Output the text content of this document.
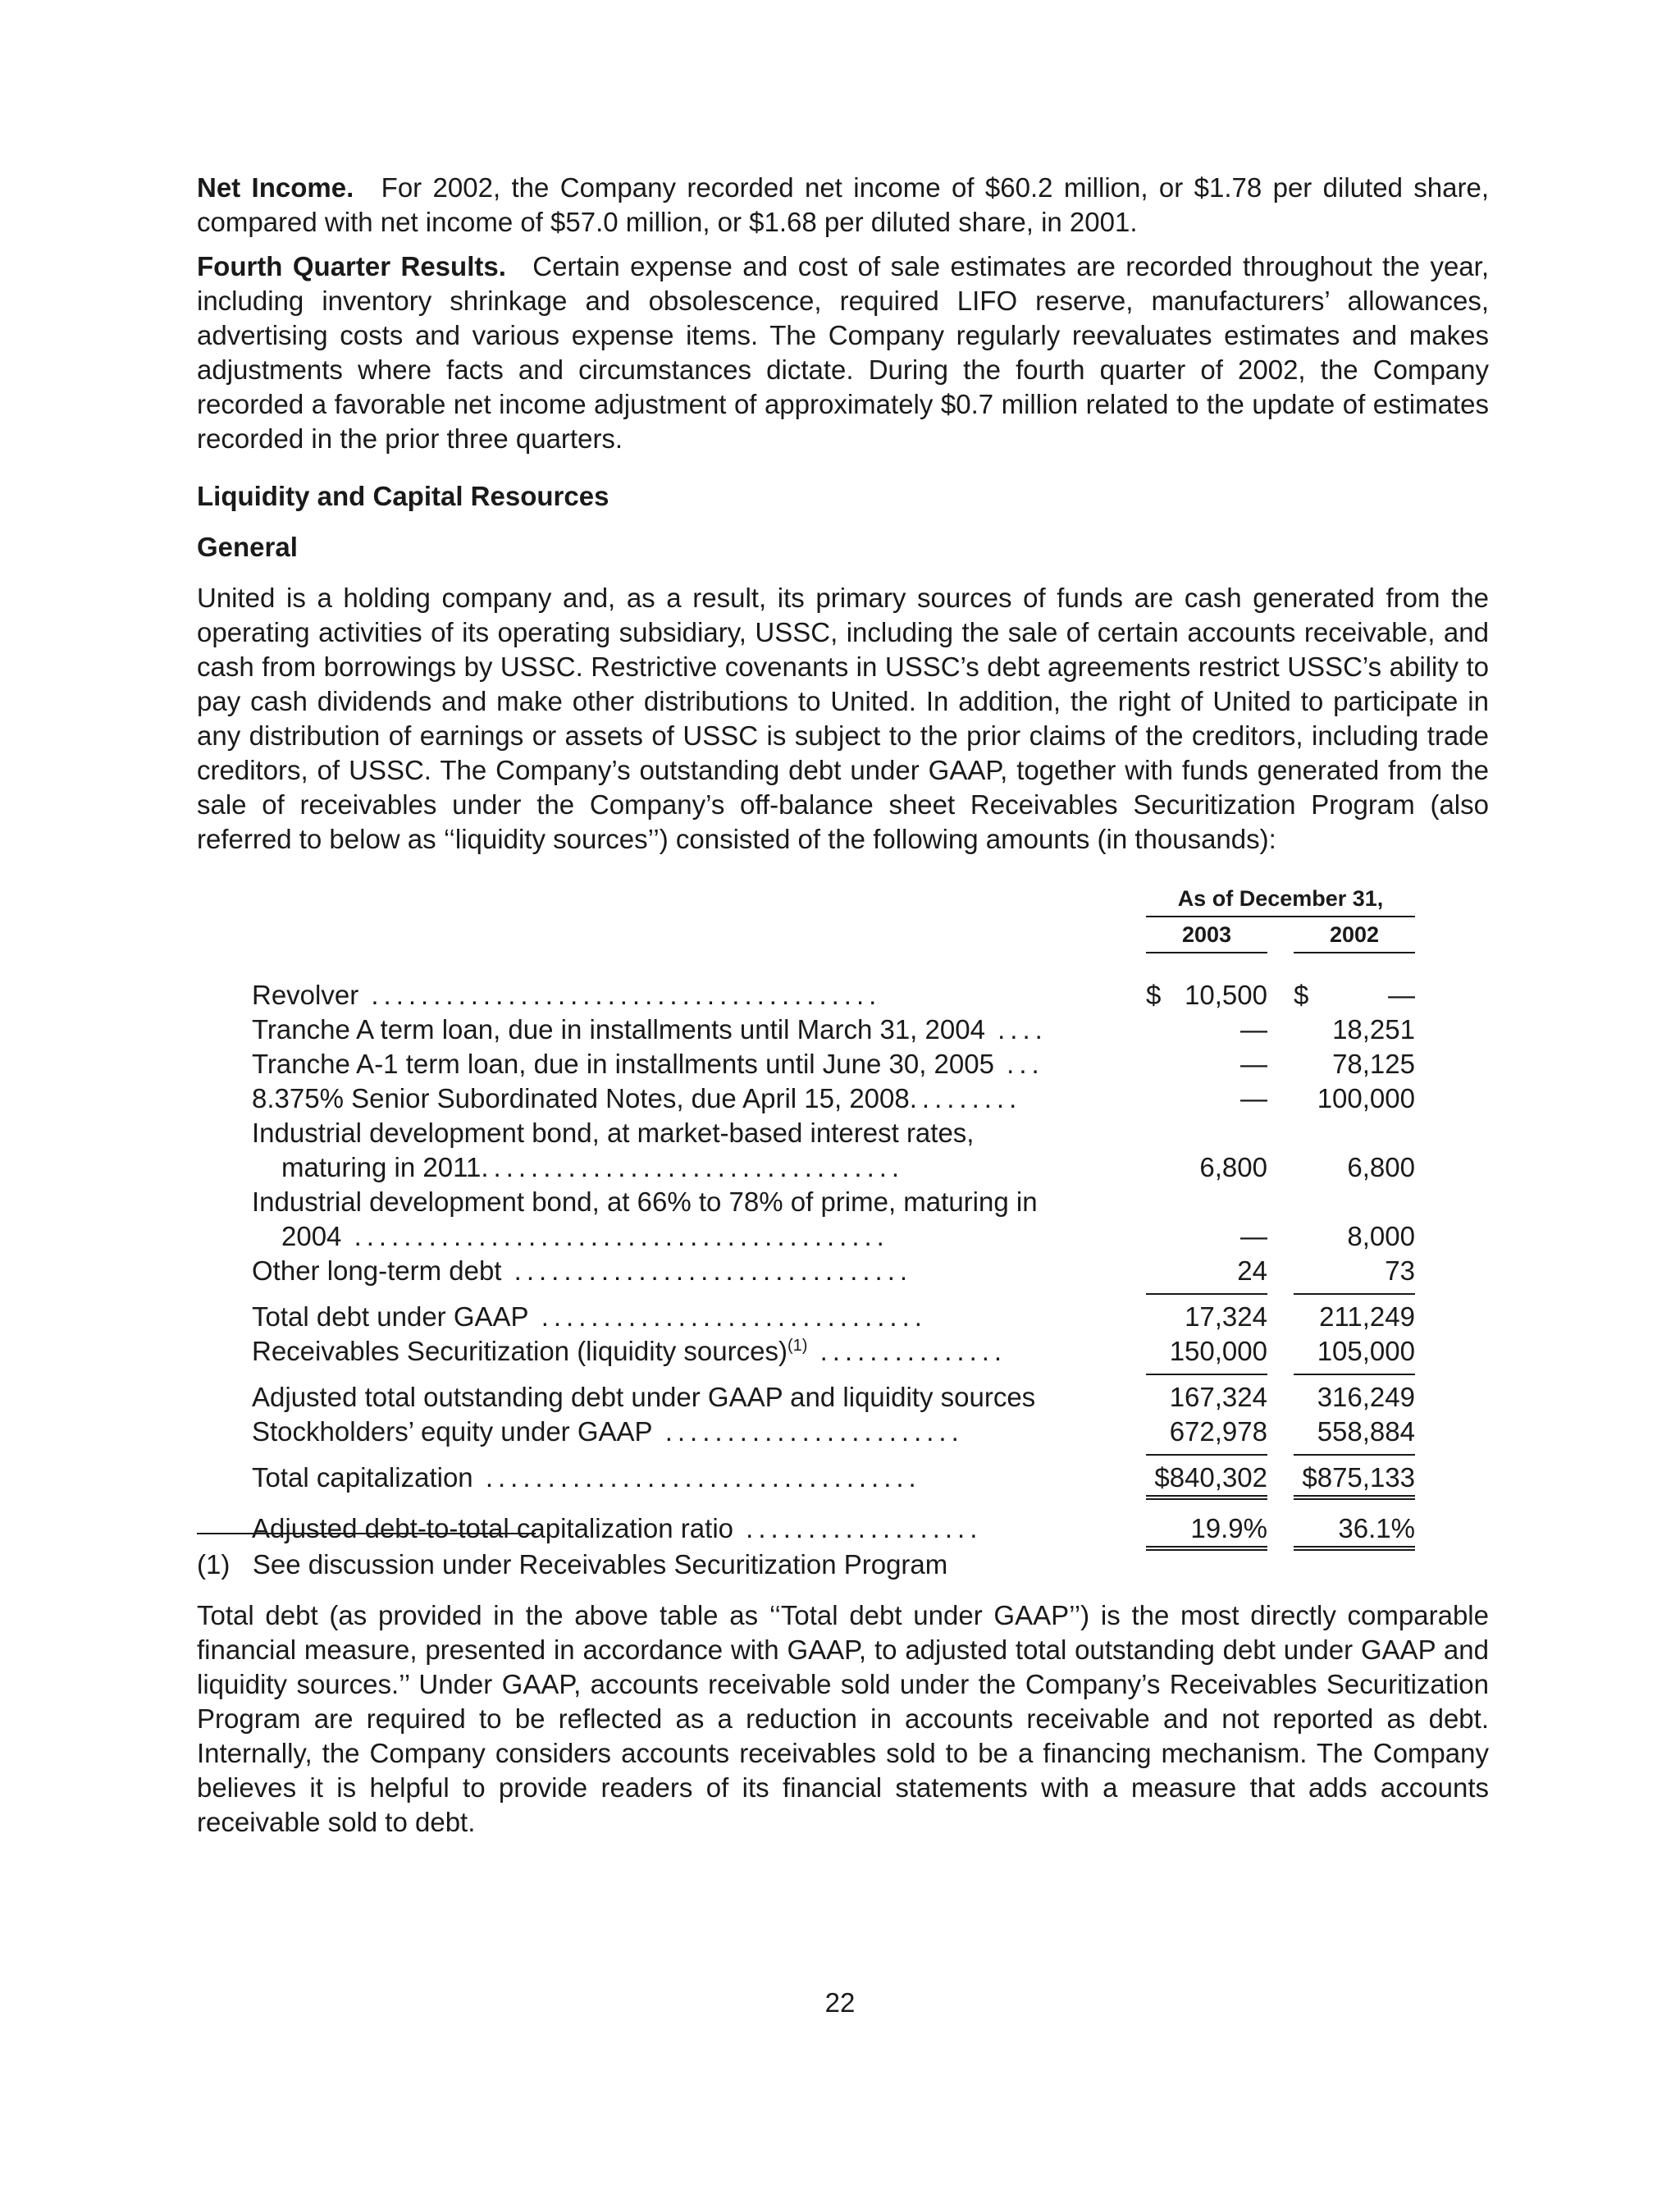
Net Income. For 2002, the Company recorded net income of $60.2 million, or $1.78 per diluted share, compared with net income of $57.0 million, or $1.68 per diluted share, in 2001.

Fourth Quarter Results. Certain expense and cost of sale estimates are recorded throughout the year, including inventory shrinkage and obsolescence, required LIFO reserve, manufacturers’ allowances, advertising costs and various expense items. The Company regularly reevaluates estimates and makes adjustments where facts and circumstances dictate. During the fourth quarter of 2002, the Company recorded a favorable net income adjustment of approximately $0.7 million related to the update of estimates recorded in the prior three quarters.

Liquidity and Capital Resources
General

United is a holding company and, as a result, its primary sources of funds are cash generated from the operating activities of its operating subsidiary, USSC, including the sale of certain accounts receivable, and cash from borrowings by USSC. Restrictive covenants in USSC’s debt agreements restrict USSC’s ability to pay cash dividends and make other distributions to United. In addition, the right of United to participate in any distribution of earnings or assets of USSC is subject to the prior claims of the creditors, including trade creditors, of USSC. The Company’s outstanding debt under GAAP, together with funds generated from the sale of receivables under the Company’s off-balance sheet Receivables Securitization Program (also referred to below as ‘‘liquidity sources’’) consisted of the following amounts (in thousands):

As of December 31,
2003	2002
Revolver .........................................	$ 10,500 $	—
Tranche A term loan, due in installments until March 31, 2004 ....	—	18,251
Tranche A-1 term loan, due in installments until June 30, 2005 ...	—	78,125
8.375% Senior Subordinated Notes, due April 15, 2008.........	—	100,000
Industrial development bond, at market-based interest rates,
maturing in 2011..................................	6,800	6,800
Industrial development bond, at 66% to 78% of prime, maturing in
2004 ...........................................	—	8,000
Other long-term debt ................................	24	73
Total debt under GAAP ...............................	17,324	211,249
Receivables Securitization (liquidity sources)$^{(1)}$ ...............	150,000	105,000
Adjusted total outstanding debt under GAAP and liquidity sources	167,324	316,249
Stockholders’ equity under GAAP ........................	672,978	558,884
Total capitalization ...................................	$840,302	$875,133
Adjusted debt-to-total capitalization ratio ...................	19.9%	36.1%
(1)   See discussion under Receivables Securitization Program

Total debt (as provided in the above table as ‘‘Total debt under GAAP’’) is the most directly comparable financial measure, presented in accordance with GAAP, to adjusted total outstanding debt under GAAP and liquidity sources.’’ Under GAAP, accounts receivable sold under the Company’s Receivables Securitization Program are required to be reflected as a reduction in accounts receivable and not reported as debt. Internally, the Company considers accounts receivables sold to be a financing mechanism. The Company believes it is helpful to provide readers of its financial statements with a measure that adds accounts receivable sold to debt.

22
